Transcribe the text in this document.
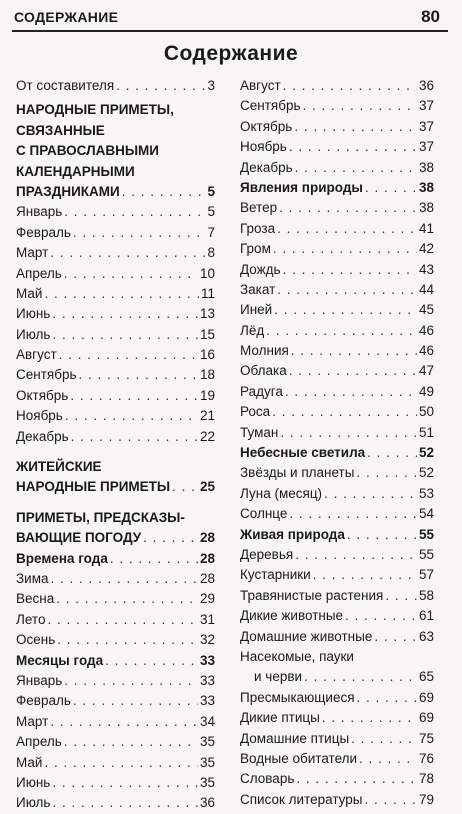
СОДЕРЖАНИЕ	80
Содержание
От составителя . . .	3
НАРОДНЫЕ ПРИМЕТЫ,
СВЯЗАННЫЕ
С ПРАВОСЛАВНЫМИ
КАЛЕНДАРНЫМИ
ПРАЗДНИКАМИ . . .	5
Январь . . .	5
Февраль . . .	7
Март . . .	8
Апрель . . .	10
Май . . .	11
Июнь . . .	13
Июль . . .	15
Август . . .	16
Сентябрь . . .	18
Октябрь . . .	19
Ноябрь . . .	21
Декабрь . . .	22
ЖИТЕЙСКИЕ
НАРОДНЫЕ ПРИМЕТЫ . . . 25
ПРИМЕТЫ, ПРЕДСКАЗЫ-
ВАЮЩИЕ ПОГОДУ . . .	28
Времена года . . .	28
Зима . . .	28
Весна . . .	29
Лето . . .	31
Осень . . .	32
Месяцы года . . .	33
Январь . . .	33
Февраль . . .	33
Март . . .	34
Апрель . . .	35
Май . . .	35
Июнь . . .	35
Июль . . .	36
Август . . .	36
Сентябрь . . .	37
Октябрь . . .	37
Ноябрь . . .	37
Декабрь . . .	38
Явления природы . . .	38
Ветер . . .	38
Гроза . . .	41
Гром . . .	42
Дождь . . .	43
Закат . . .	44
Иней . . .	45
Лёд . . .	46
Молния . . .	46
Облака . . .	47
Радуга . . .	49
Роса . . .	50
Туман . . .	51
Небесные светила . . .	52
Звёзды и планеты . . .	52
Луна (месяц) . . .	53
Солнце . . .	54
Живая природа . . .	55
Деревья . . .	55
Кустарники . . .	57
Травянистые растения . . .	58
Дикие животные . . .	61
Домашние животные . . .	63
Насекомые, пауки
и черви . . .	65
Пресмыкающиеся . . .	69
Дикие птицы . . .	69
Домашние птицы . . .	75
Водные обитатели . . .	76
Словарь . . .	78
Список литературы . . .	79
